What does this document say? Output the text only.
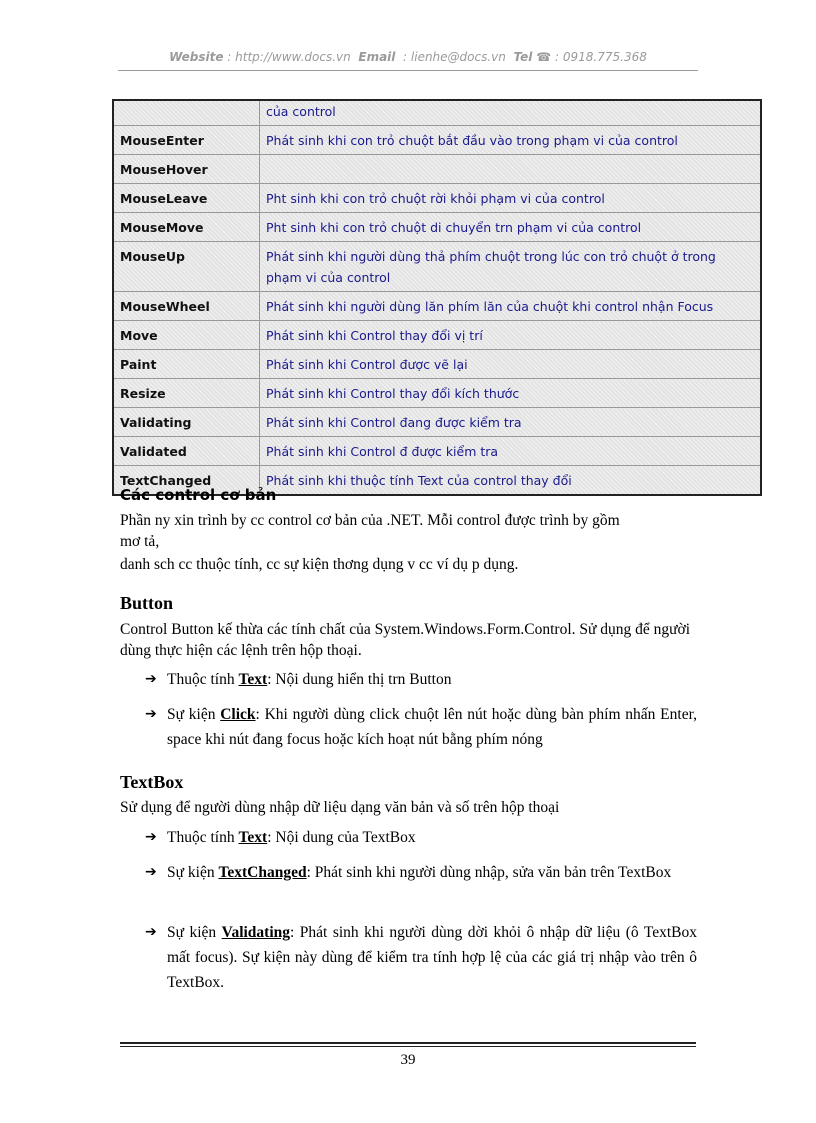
Website : http://www.docs.vn Email : lienhe@docs.vn Tel ☎ : 0918.775.368
	của control
MouseEnter	Phát sinh khi con trỏ chuột bắt đầu vào trong phạm vi của control
MouseHover	
MouseLeave	Pht sinh khi con trỏ chuột rời khỏi phạm vi của control
MouseMove	Pht sinh khi con trỏ chuột di chuyển trn phạm vi của control
MouseUp	Phát sinh khi người dùng thả phím chuột trong lúc con trỏ chuột ở trong phạm vi của control
MouseWheel	Phát sinh khi người dùng lăn phím lăn của chuột khi control nhận Focus
Move	Phát sinh khi Control thay đổi vị trí
Paint	Phát sinh khi Control được vẽ lại
Resize	Phát sinh khi Control thay đổi kích thước
Validating	Phát sinh khi Control đang được kiểm tra
Validated	Phát sinh khi Control đ được kiểm tra
TextChanged	Phát sinh khi thuộc tính Text của control thay đổi
Các control cơ bản
Phần ny xin trình by cc control cơ bản của .NET. Mỗi control được trình by gồm
mơ tả,
danh sch cc thuộc tính, cc sự kiện thơng dụng v cc ví dụ p dụng.
Button
Control Button kế thừa các tính chất của System.Windows.Form.Control. Sử dụng để người dùng thực hiện các lệnh trên hộp thoại.
➔ Thuộc tính Text: Nội dung hiển thị trn Button
➔ Sự kiện Click: Khi người dùng click chuột lên nút hoặc dùng bàn phím nhấn Enter, space khi nút đang focus hoặc kích hoạt nút bằng phím nóng
TextBox
Sử dụng để người dùng nhập dữ liệu dạng văn bản và số trên hộp thoại
➔ Thuộc tính Text: Nội dung của TextBox
➔ Sự kiện TextChanged: Phát sinh khi người dùng nhập, sửa văn bản trên TextBox
➔ Sự kiện Validating: Phát sinh khi người dùng dời khỏi ô nhập dữ liệu (ô TextBox mất focus). Sự kiện này dùng để kiểm tra tính hợp lệ của các giá trị nhập vào trên ô TextBox.
39
